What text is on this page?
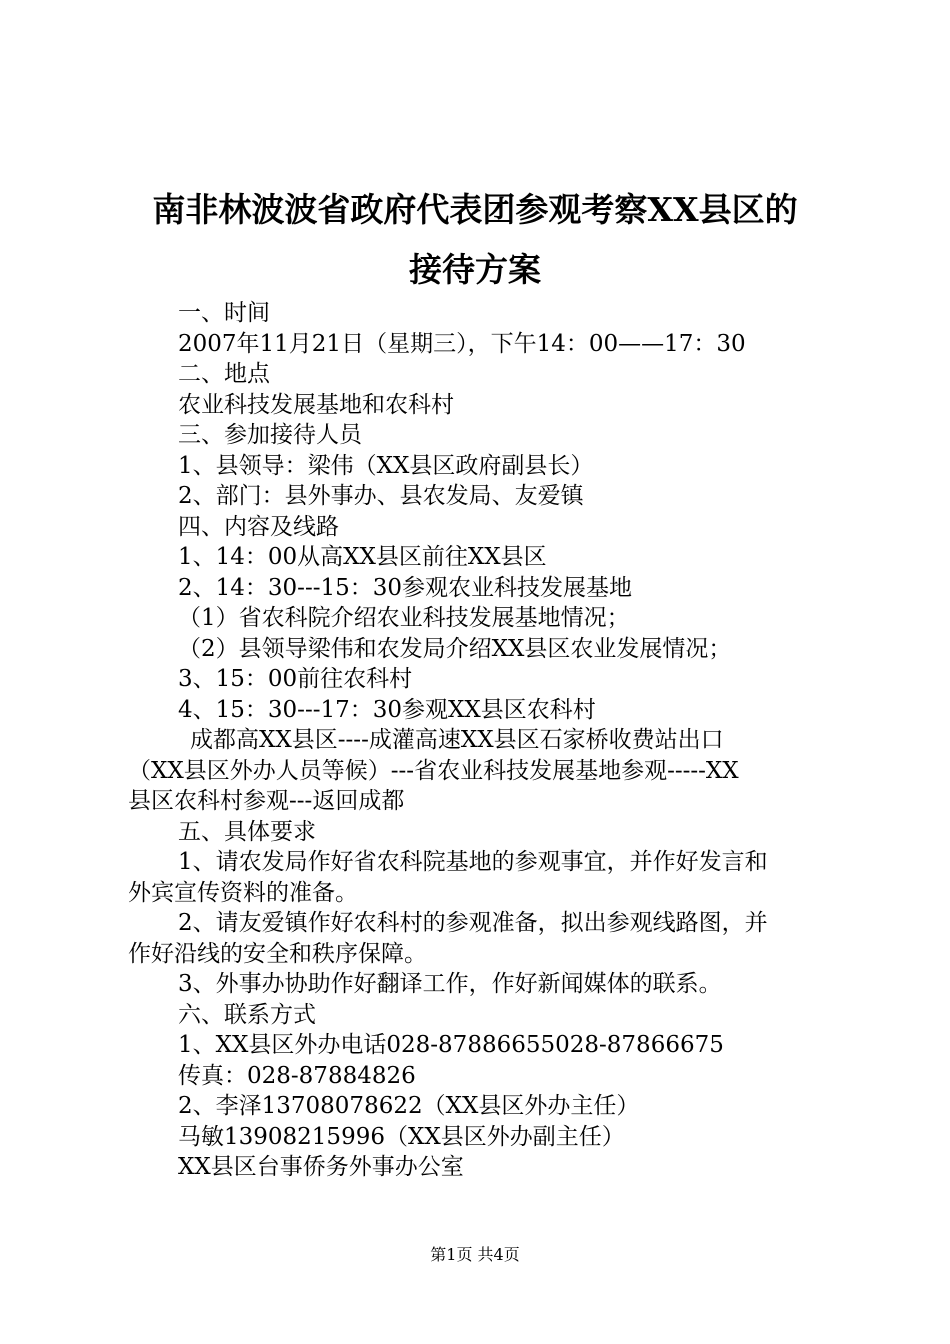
南非林波波省政府代表团参观考察XX县区的
接待方案
一、时间
2007年11月21日（星期三），下午14：00——17：30
二、地点
农业科技发展基地和农科村
三、参加接待人员
1、县领导：梁伟（XX县区政府副县长）
2、部门：县外事办、县农发局、友爱镇
四、内容及线路
1、14：00从高XX县区前往XX县区
2、14：30---15：30参观农业科技发展基地
（1）省农科院介绍农业科技发展基地情况；
（2）县领导梁伟和农发局介绍XX县区农业发展情况；
3、15：00前往农科村
4、15：30---17：30参观XX县区农科村
成都高XX县区----成灌高速XX县区石家桥收费站出口
（XX县区外办人员等候）---省农业科技发展基地参观-----XX
县区农科村参观---返回成都
五、具体要求
1、请农发局作好省农科院基地的参观事宜，并作好发言和
外宾宣传资料的准备。
2、请友爱镇作好农科村的参观准备，拟出参观线路图，并
作好沿线的安全和秩序保障。
3、外事办协助作好翻译工作，作好新闻媒体的联系。
六、联系方式
1、XX县区外办电话028-87886655028-87866675
传真：028-87884826
2、李泽13708078622（XX县区外办主任）
马敏13908215996（XX县区外办副主任）
XX县区台事侨务外事办公室
第1页 共4页
